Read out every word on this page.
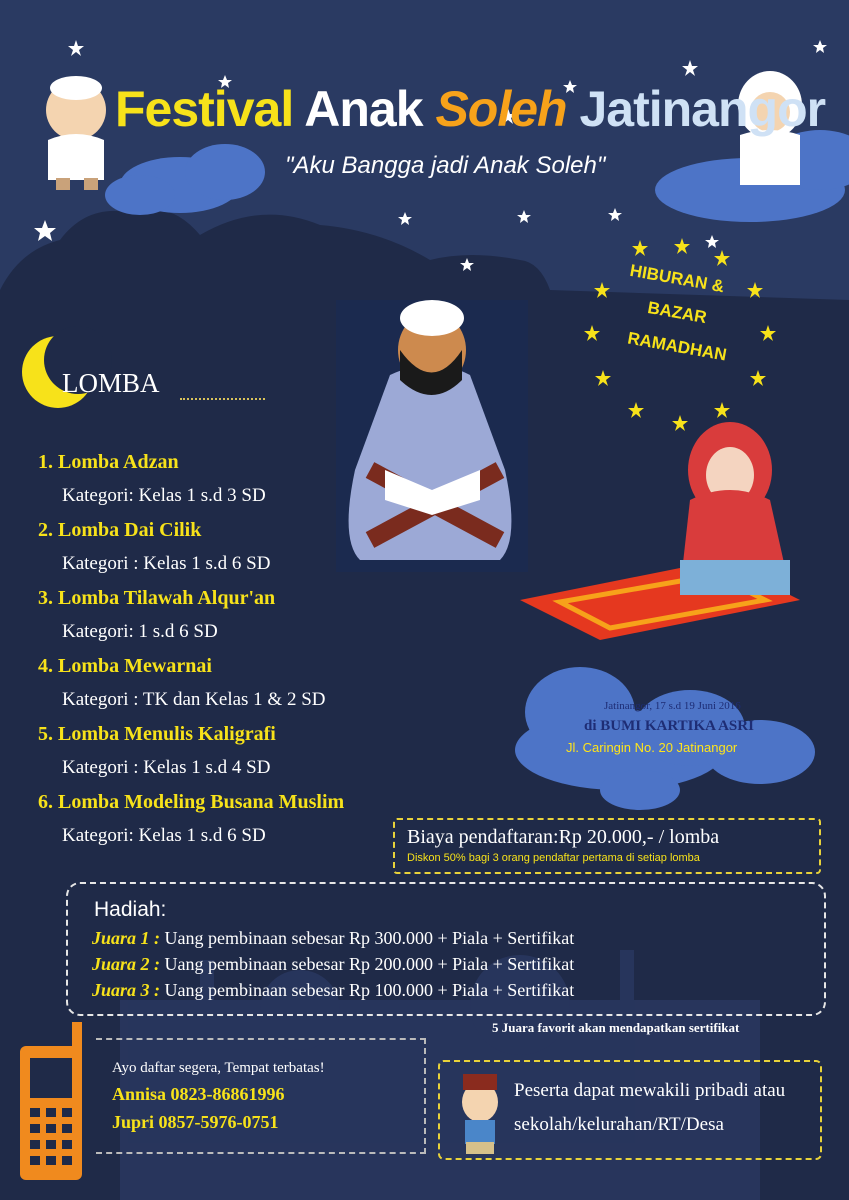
Festival Anak Soleh Jatinangor
"Aku Bangga jadi Anak Soleh"
HIBURAN &
BAZAR
RAMADHAN
LOMBA
1. Lomba Adzan
Kategori: Kelas 1 s.d 3 SD
2. Lomba Dai Cilik
Kategori : Kelas 1 s.d 6 SD
3. Lomba Tilawah Alqur'an
Kategori: 1 s.d 6 SD
4. Lomba Mewarnai
Kategori : TK dan Kelas 1 & 2 SD
5. Lomba Menulis Kaligrafi
Kategori : Kelas 1 s.d 4 SD
6. Lomba Modeling Busana Muslim
Kategori: Kelas 1 s.d 6 SD
Jatinangor, 17 s.d 19 Juni 2016
di BUMI KARTIKA ASRI
Jl. Caringin No. 20 Jatinangor
Biaya pendaftaran:Rp 20.000,- / lomba
Diskon 50% bagi 3 orang pendaftar pertama di setiap lomba
Hadiah:
Juara 1 : Uang pembinaan sebesar Rp 300.000 + Piala + Sertifikat
Juara 2 : Uang pembinaan sebesar Rp 200.000 + Piala + Sertifikat
Juara 3 : Uang pembinaan sebesar Rp 100.000 + Piala + Sertifikat
5 Juara favorit akan mendapatkan sertifikat
Ayo daftar segera, Tempat terbatas!
Annisa 0823-86861996
Jupri 0857-5976-0751
Peserta dapat mewakili pribadi atau
sekolah/kelurahan/RT/Desa
